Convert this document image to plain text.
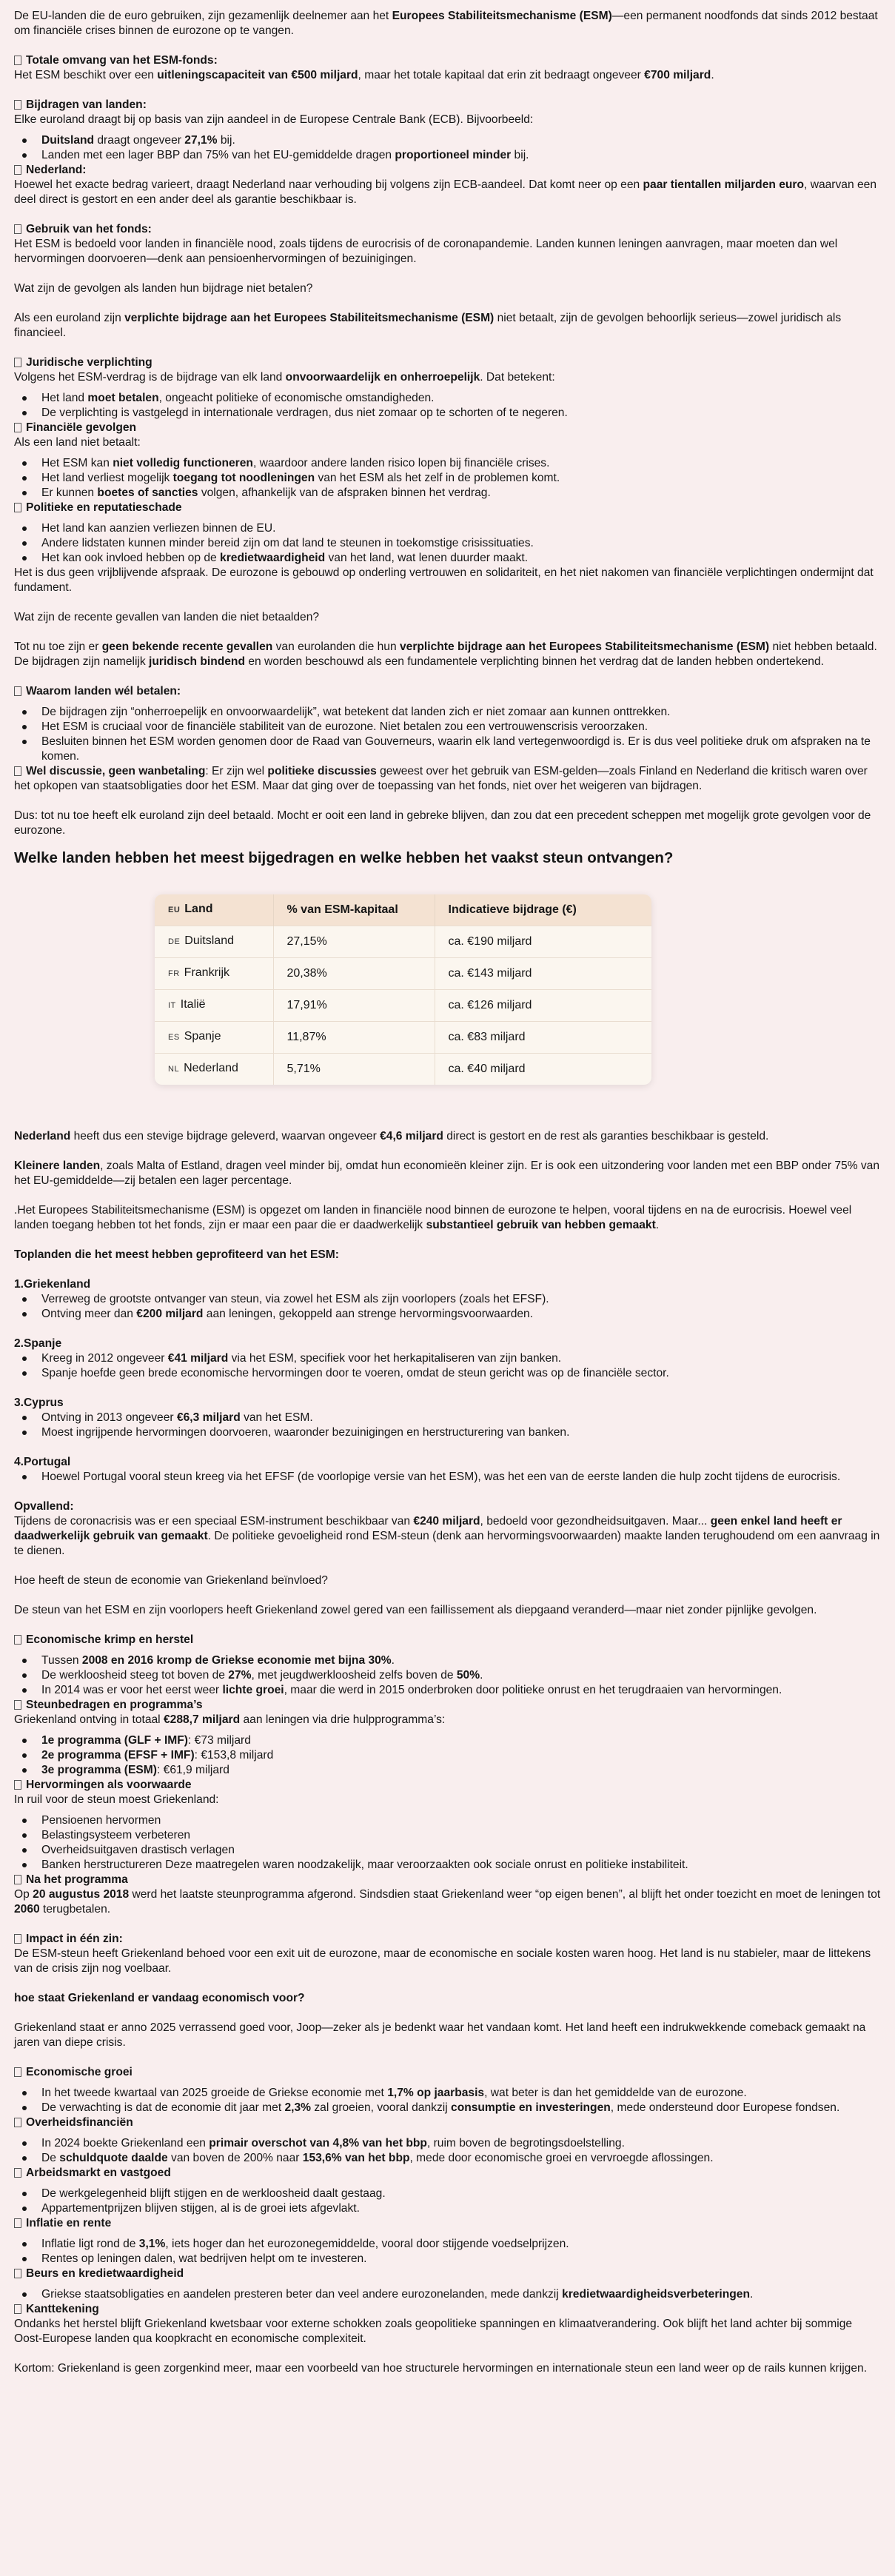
De EU-landen die de euro gebruiken, zijn gezamenlijk deelnemer aan het Europees Stabiliteitsmechanisme (ESM)—een permanent noodfonds dat sinds 2012 bestaat om financiële crises binnen de eurozone op te vangen.

Totale omvang van het ESM-fonds:

Het ESM beschikt over een uitleningscapaciteit van €500 miljard, maar het totale kapitaal dat erin zit bedraagt ongeveer €700 miljard.

Bijdragen van landen:

Elke euroland draagt bij op basis van zijn aandeel in de Europese Centrale Bank (ECB). Bijvoorbeeld:

Duitsland draagt ongeveer 27,1% bij.
Landen met een lager BBP dan 75% van het EU-gemiddelde dragen proportioneel minder bij.
Nederland:

Hoewel het exacte bedrag varieert, draagt Nederland naar verhouding bij volgens zijn ECB-aandeel. Dat komt neer op een paar tientallen miljarden euro, waarvan een deel direct is gestort en een ander deel als garantie beschikbaar is.

Gebruik van het fonds:

Het ESM is bedoeld voor landen in financiële nood, zoals tijdens de eurocrisis of de coronapandemie. Landen kunnen leningen aanvragen, maar moeten dan wel hervormingen doorvoeren—denk aan pensioenhervormingen of bezuinigingen.

Wat zijn de gevolgen als landen hun bijdrage niet betalen?

Als een euroland zijn verplichte bijdrage aan het Europees Stabiliteitsmechanisme (ESM) niet betaalt, zijn de gevolgen behoorlijk serieus—zowel juridisch als financieel.

Juridische verplichting

Volgens het ESM-verdrag is de bijdrage van elk land onvoorwaardelijk en onherroepelijk. Dat betekent:

Het land moet betalen, ongeacht politieke of economische omstandigheden.
De verplichting is vastgelegd in internationale verdragen, dus niet zomaar op te schorten of te negeren.
Financiële gevolgen

Als een land niet betaalt:

Het ESM kan niet volledig functioneren, waardoor andere landen risico lopen bij financiële crises.
Het land verliest mogelijk toegang tot noodleningen van het ESM als het zelf in de problemen komt.
Er kunnen boetes of sancties volgen, afhankelijk van de afspraken binnen het verdrag.
Politieke en reputatieschade
Het land kan aanzien verliezen binnen de EU.
Andere lidstaten kunnen minder bereid zijn om dat land te steunen in toekomstige crisissituaties.
Het kan ook invloed hebben op de kredietwaardigheid van het land, wat lenen duurder maakt.

Het is dus geen vrijblijvende afspraak. De eurozone is gebouwd op onderling vertrouwen en solidariteit, en het niet nakomen van financiële verplichtingen ondermijnt dat fundament.

Wat zijn de recente gevallen van landen die niet betaalden?

Tot nu toe zijn er geen bekende recente gevallen van eurolanden die hun verplichte bijdrage aan het Europees Stabiliteitsmechanisme (ESM) niet hebben betaald. De bijdragen zijn namelijk juridisch bindend en worden beschouwd als een fundamentele verplichting binnen het verdrag dat de landen hebben ondertekend.

Waarom landen wél betalen:
De bijdragen zijn “onherroepelijk en onvoorwaardelijk”, wat betekent dat landen zich er niet zomaar aan kunnen onttrekken.
Het ESM is cruciaal voor de financiële stabiliteit van de eurozone. Niet betalen zou een vertrouwenscrisis veroorzaken.
Besluiten binnen het ESM worden genomen door de Raad van Gouverneurs, waarin elk land vertegenwoordigd is. Er is dus veel politieke druk om afspraken na te komen.

Wel discussie, geen wanbetaling: Er zijn wel politieke discussies geweest over het gebruik van ESM-gelden—zoals Finland en Nederland die kritisch waren over het opkopen van staatsobligaties door het ESM. Maar dat ging over de toepassing van het fonds, niet over het weigeren van bijdragen.

Dus: tot nu toe heeft elk euroland zijn deel betaald. Mocht er ooit een land in gebreke blijven, dan zou dat een precedent scheppen met mogelijk grote gevolgen voor de eurozone.

Welke landen hebben het meest bijgedragen en welke hebben het vaakst steun ontvangen?
EU Land	% van ESM-kapitaal	Indicatieve bijdrage (€)
DE Duitsland	27,15%	ca. €190 miljard
FR Frankrijk	20,38%	ca. €143 miljard
IT Italië	17,91%	ca. €126 miljard
ES Spanje	11,87%	ca. €83 miljard
NL Nederland	5,71%	ca. €40 miljard

Nederland heeft dus een stevige bijdrage geleverd, waarvan ongeveer €4,6 miljard direct is gestort en de rest als garanties beschikbaar is gesteld.

Kleinere landen, zoals Malta of Estland, dragen veel minder bij, omdat hun economieën kleiner zijn. Er is ook een uitzondering voor landen met een BBP onder 75% van het EU-gemiddelde—zij betalen een lager percentage.

.Het Europees Stabiliteitsmechanisme (ESM) is opgezet om landen in financiële nood binnen de eurozone te helpen, vooral tijdens en na de eurocrisis. Hoewel veel landen toegang hebben tot het fonds, zijn er maar een paar die er daadwerkelijk substantieel gebruik van hebben gemaakt.

Toplanden die het meest hebben geprofiteerd van het ESM:

1.Griekenland
Verreweg de grootste ontvanger van steun, via zowel het ESM als zijn voorlopers (zoals het EFSF).
Ontving meer dan €200 miljard aan leningen, gekoppeld aan strenge hervormingsvoorwaarden.
2.Spanje
Kreeg in 2012 ongeveer €41 miljard via het ESM, specifiek voor het herkapitaliseren van zijn banken.
Spanje hoefde geen brede economische hervormingen door te voeren, omdat de steun gericht was op de financiële sector.
3.Cyprus
Ontving in 2013 ongeveer €6,3 miljard van het ESM.
Moest ingrijpende hervormingen doorvoeren, waaronder bezuinigingen en herstructurering van banken.
4.Portugal
Hoewel Portugal vooral steun kreeg via het EFSF (de voorlopige versie van het ESM), was het een van de eerste landen die hulp zocht tijdens de eurocrisis.
Opvallend:

Tijdens de coronacrisis was er een speciaal ESM-instrument beschikbaar van €240 miljard, bedoeld voor gezondheidsuitgaven. Maar... geen enkel land heeft er daadwerkelijk gebruik van gemaakt. De politieke gevoeligheid rond ESM-steun (denk aan hervormingsvoorwaarden) maakte landen terughoudend om een aanvraag in te dienen.

Hoe heeft de steun de economie van Griekenland beïnvloed?

De steun van het ESM en zijn voorlopers heeft Griekenland zowel gered van een faillissement als diepgaand veranderd—maar niet zonder pijnlijke gevolgen.

Economische krimp en herstel
Tussen 2008 en 2016 kromp de Griekse economie met bijna 30%.
De werkloosheid steeg tot boven de 27%, met jeugdwerkloosheid zelfs boven de 50%.
In 2014 was er voor het eerst weer lichte groei, maar die werd in 2015 onderbroken door politieke onrust en het terugdraaien van hervormingen.
Steunbedragen en programma’s

Griekenland ontving in totaal €288,7 miljard aan leningen via drie hulpprogramma’s:

1e programma (GLF + IMF): €73 miljard
2e programma (EFSF + IMF): €153,8 miljard
3e programma (ESM): €61,9 miljard
Hervormingen als voorwaarde

In ruil voor de steun moest Griekenland:

Pensioenen hervormen
Belastingsysteem verbeteren
Overheidsuitgaven drastisch verlagen
Banken herstructureren Deze maatregelen waren noodzakelijk, maar veroorzaakten ook sociale onrust en politieke instabiliteit.
Na het programma

Op 20 augustus 2018 werd het laatste steunprogramma afgerond. Sindsdien staat Griekenland weer “op eigen benen”, al blijft het onder toezicht en moet de leningen tot 2060 terugbetalen.

Impact in één zin:

De ESM-steun heeft Griekenland behoed voor een exit uit de eurozone, maar de economische en sociale kosten waren hoog. Het land is nu stabieler, maar de littekens van de crisis zijn nog voelbaar.

hoe staat Griekenland er vandaag economisch voor?

Griekenland staat er anno 2025 verrassend goed voor, Joop—zeker als je bedenkt waar het vandaan komt. Het land heeft een indrukwekkende comeback gemaakt na jaren van diepe crisis.

Economische groei
In het tweede kwartaal van 2025 groeide de Griekse economie met 1,7% op jaarbasis, wat beter is dan het gemiddelde van de eurozone.
De verwachting is dat de economie dit jaar met 2,3% zal groeien, vooral dankzij consumptie en investeringen, mede ondersteund door Europese fondsen.
Overheidsfinanciën
In 2024 boekte Griekenland een primair overschot van 4,8% van het bbp, ruim boven de begrotingsdoelstelling.
De schuldquote daalde van boven de 200% naar 153,6% van het bbp, mede door economische groei en vervroegde aflossingen.
Arbeidsmarkt en vastgoed
De werkgelegenheid blijft stijgen en de werkloosheid daalt gestaag.
Appartementprijzen blijven stijgen, al is de groei iets afgevlakt.
Inflatie en rente
Inflatie ligt rond de 3,1%, iets hoger dan het eurozonegemiddelde, vooral door stijgende voedselprijzen.
Rentes op leningen dalen, wat bedrijven helpt om te investeren.
Beurs en kredietwaardigheid
Griekse staatsobligaties en aandelen presteren beter dan veel andere eurozonelanden, mede dankzij kredietwaardigheidsverbeteringen.
Kanttekening

Ondanks het herstel blijft Griekenland kwetsbaar voor externe schokken zoals geopolitieke spanningen en klimaatverandering. Ook blijft het land achter bij sommige Oost-Europese landen qua koopkracht en economische complexiteit.

Kortom: Griekenland is geen zorgenkind meer, maar een voorbeeld van hoe structurele hervormingen en internationale steun een land weer op de rails kunnen krijgen.
